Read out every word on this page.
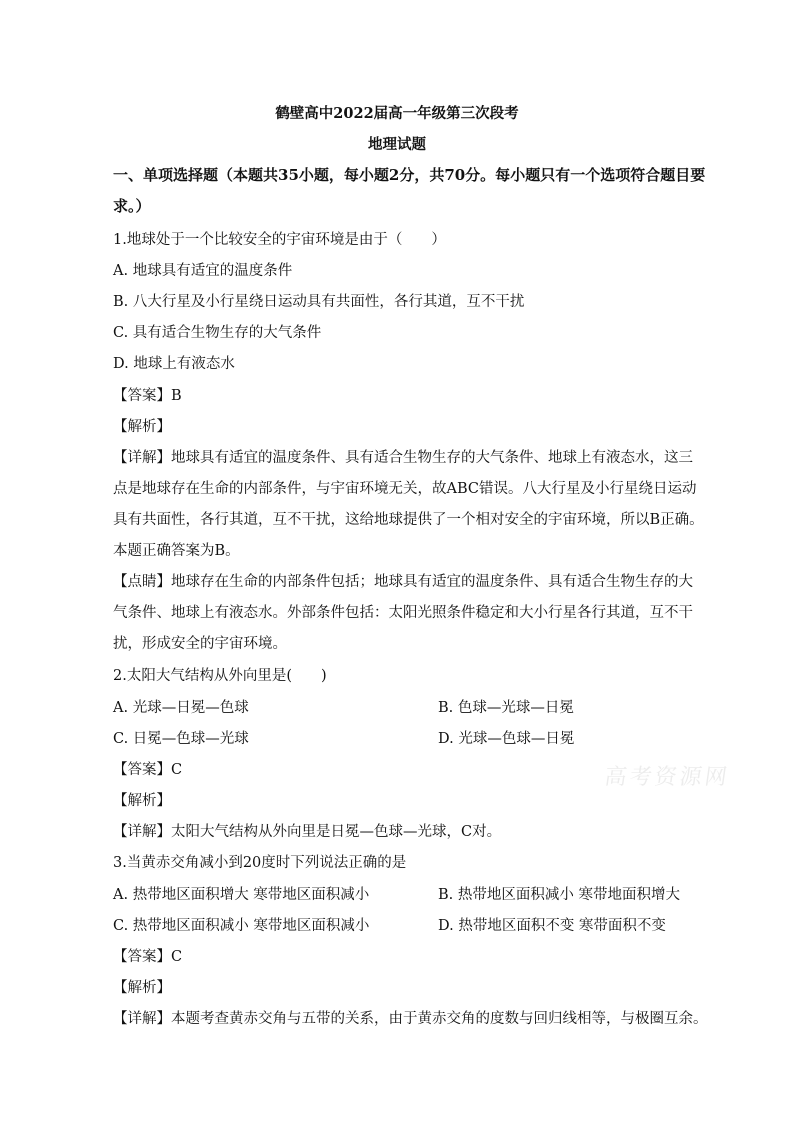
鹤壁高中2022届高一年级第三次段考
地理试题
一、单项选择题（本题共35小题，每小题2分，共70分。每小题只有一个选项符合题目要
求。）
1.地球处于一个比较安全的宇宙环境是由于（　　）
A. 地球具有适宜的温度条件
B. 八大行星及小行星绕日运动具有共面性，各行其道，互不干扰
C. 具有适合生物生存的大气条件
D. 地球上有液态水
【答案】B
【解析】
【详解】地球具有适宜的温度条件、具有适合生物生存的大气条件、地球上有液态水，这三
点是地球存在生命的内部条件，与宇宙环境无关，故ABC错误。八大行星及小行星绕日运动
具有共面性，各行其道，互不干扰，这给地球提供了一个相对安全的宇宙环境，所以B正确。
本题正确答案为B。
【点睛】地球存在生命的内部条件包括；地球具有适宜的温度条件、具有适合生物生存的大
气条件、地球上有液态水。外部条件包括：太阳光照条件稳定和大小行星各行其道，互不干
扰，形成安全的宇宙环境。
2.太阳大气结构从外向里是(　　)
A. 光球—日冕—色球	B. 色球—光球—日冕
C. 日冕—色球—光球	D. 光球—色球—日冕
【答案】C
【解析】
【详解】太阳大气结构从外向里是日冕—色球—光球，C对。
3.当黄赤交角减小到20度时下列说法正确的是
A. 热带地区面积增大 寒带地区面积减小	B. 热带地区面积减小 寒带地面积增大
C. 热带地区面积减小 寒带地区面积减小	D. 热带地区面积不变 寒带面积不变
【答案】C
【解析】
【详解】本题考查黄赤交角与五带的关系，由于黄赤交角的度数与回归线相等，与极圈互余。
高考资源网
